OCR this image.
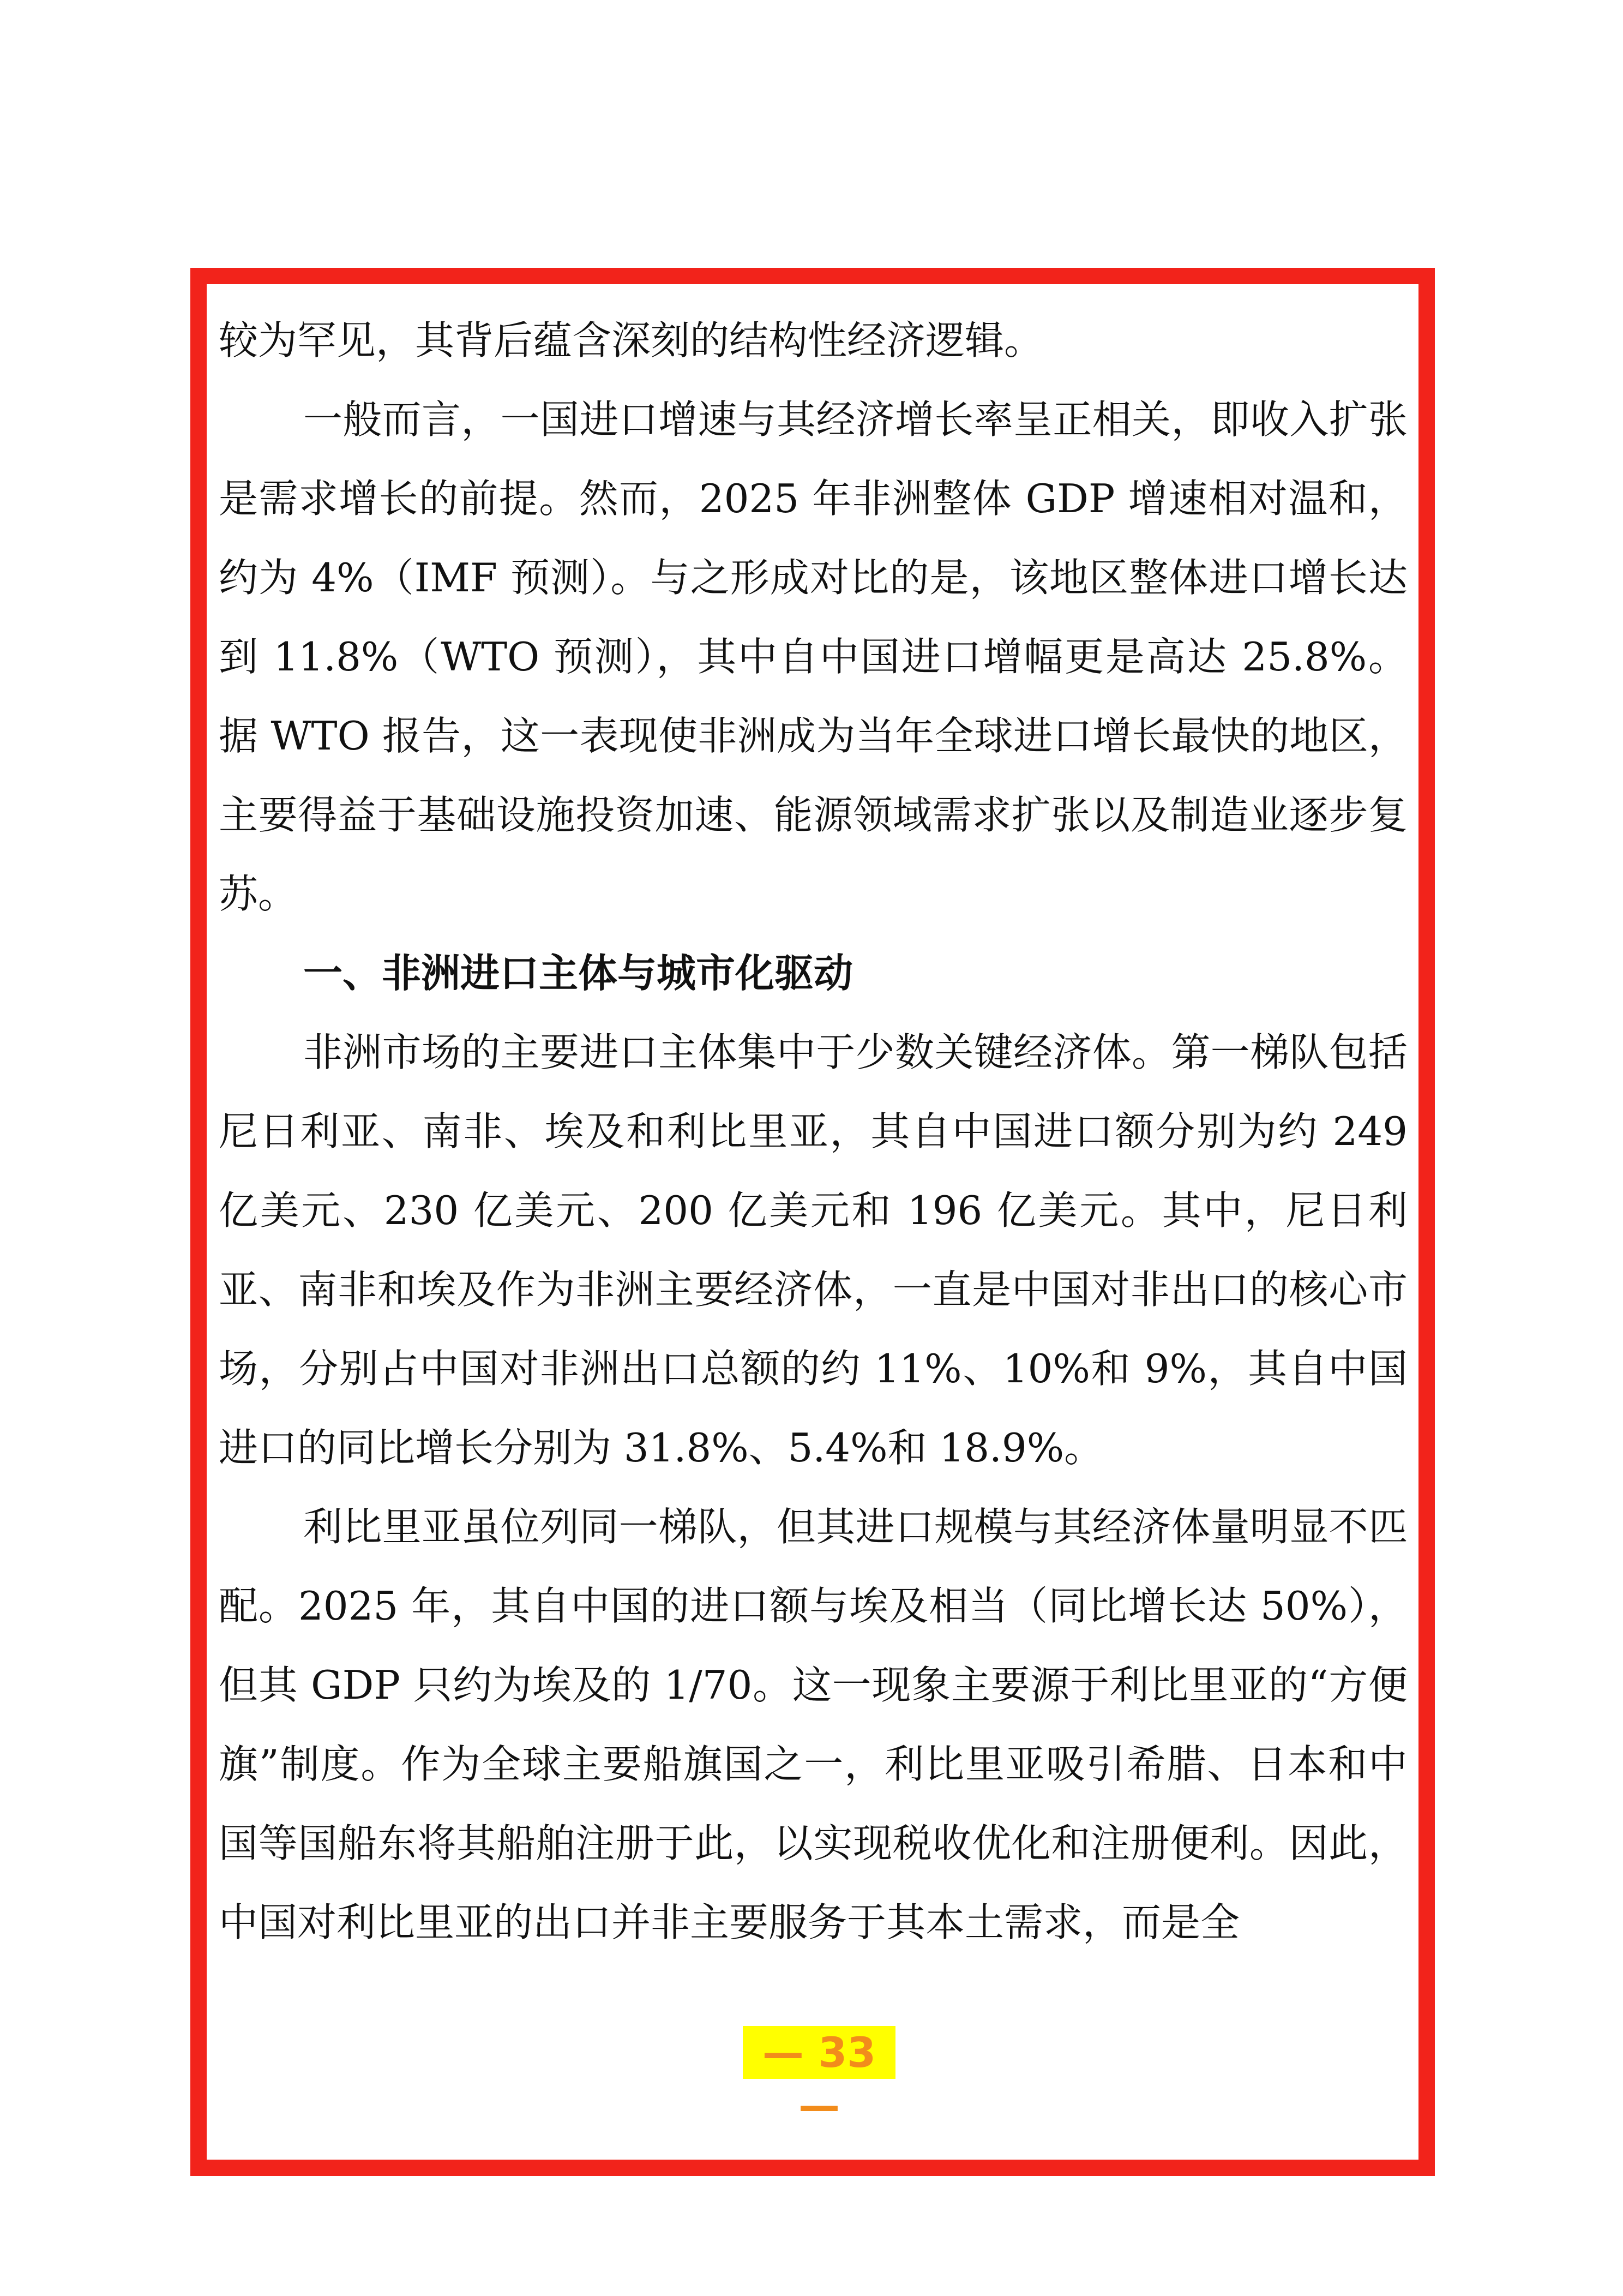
较为罕见，其背后蕴含深刻的结构性经济逻辑。

一般而言，一国进口增速与其经济增长率呈正相关，即收入扩张是需求增长的前提。然而，2025 年非洲整体 GDP 增速相对温和，约为 4%（IMF 预测）。与之形成对比的是，该地区整体进口增长达到 11.8%（WTO 预测），其中自中国进口增幅更是高达 25.8%。据 WTO 报告，这一表现使非洲成为当年全球进口增长最快的地区，主要得益于基础设施投资加速、能源领域需求扩张以及制造业逐步复苏。

一、非洲进口主体与城市化驱动

非洲市场的主要进口主体集中于少数关键经济体。第一梯队包括尼日利亚、南非、埃及和利比里亚，其自中国进口额分别为约 249 亿美元、230 亿美元、200 亿美元和 196 亿美元。其中，尼日利亚、南非和埃及作为非洲主要经济体，一直是中国对非出口的核心市场，分别占中国对非洲出口总额的约 11%、10%和 9%，其自中国进口的同比增长分别为 31.8%、5.4%和 18.9%。

利比里亚虽位列同一梯队，但其进口规模与其经济体量明显不匹配。2025 年，其自中国的进口额与埃及相当（同比增长达 50%），但其 GDP 只约为埃及的 1/70。这一现象主要源于利比里亚的“方便旗”制度。作为全球主要船旗国之一，利比里亚吸引希腊、日本和中国等国船东将其船舶注册于此，以实现税收优化和注册便利。因此，中国对利比里亚的出口并非主要服务于其本土需求，而是全

— 33 —
